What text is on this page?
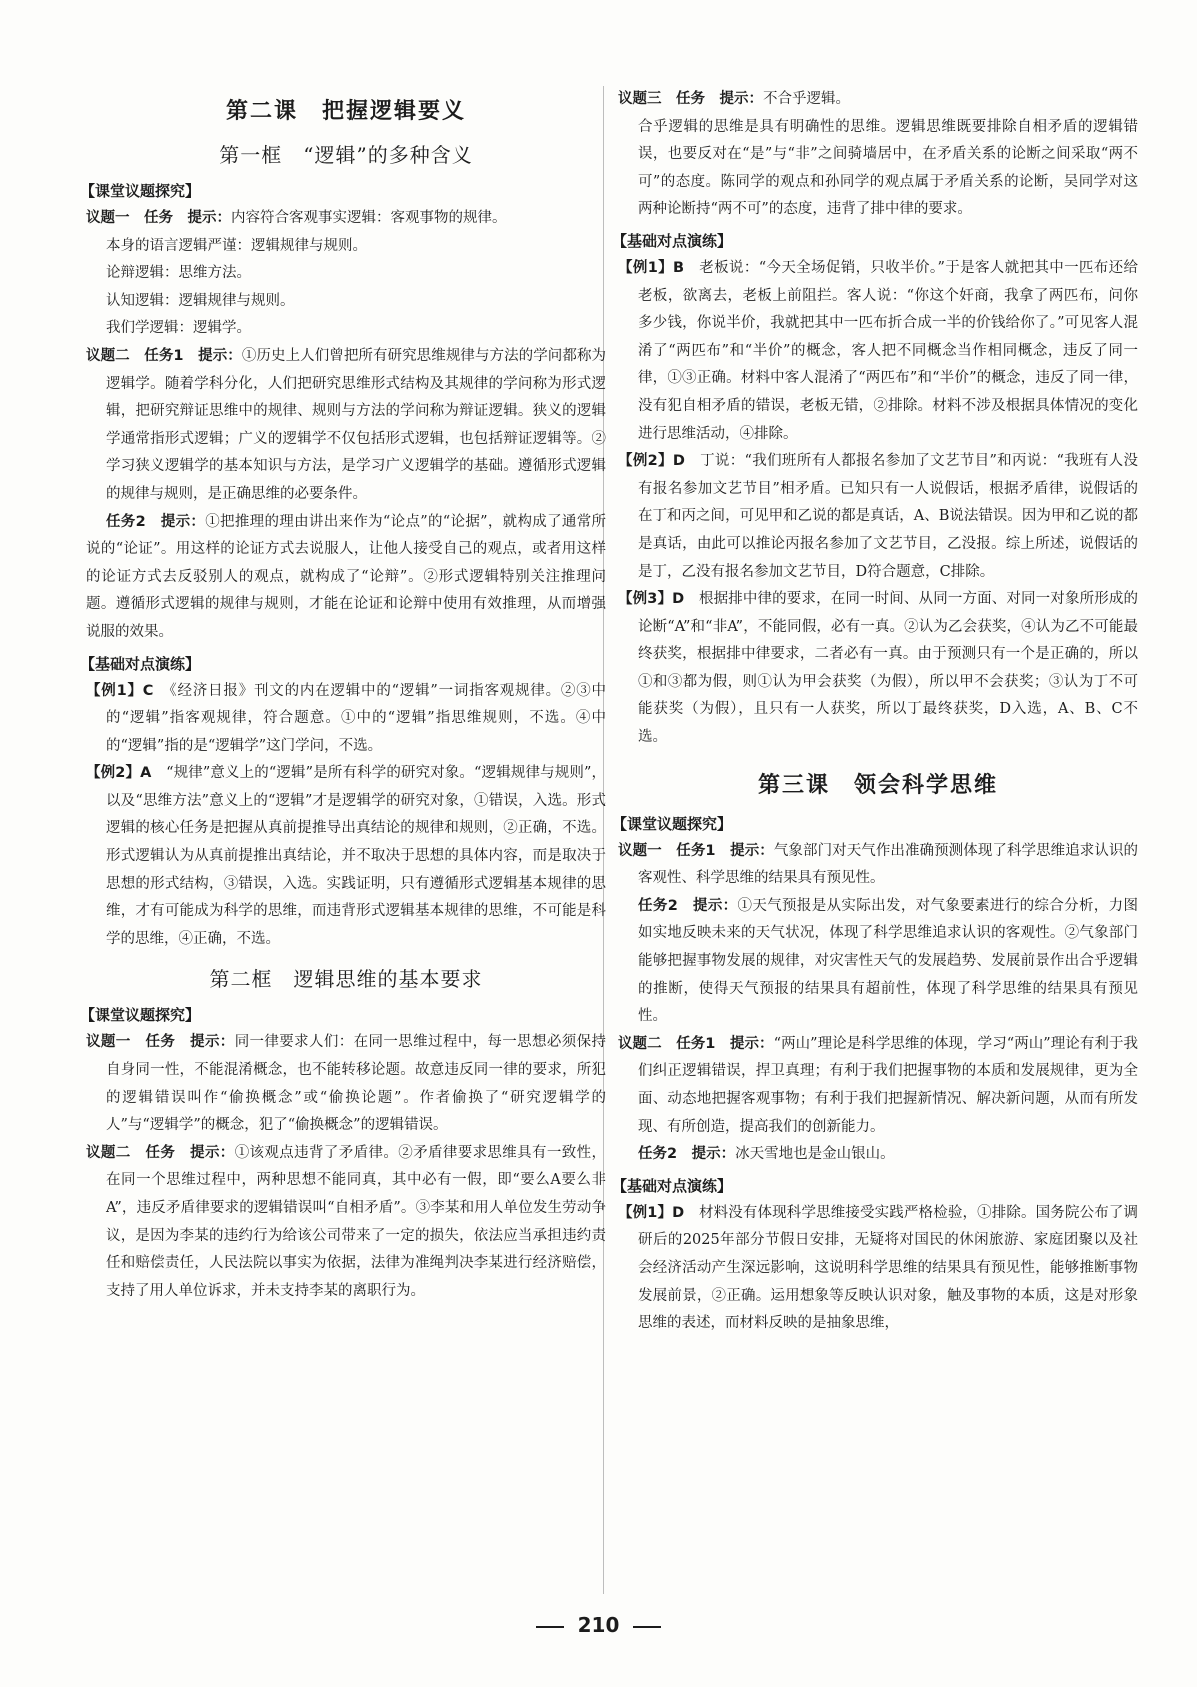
第二课　把握逻辑要义
第一框　“逻辑”的多种含义
【课堂议题探究】

议题一　任务　提示：内容符合客观事实逻辑：客观事物的规律。

本身的语言逻辑严谨：逻辑规律与规则。

论辩逻辑：思维方法。

认知逻辑：逻辑规律与规则。

我们学逻辑：逻辑学。

议题二　任务1　提示：①历史上人们曾把所有研究思维规律与方法的学问都称为逻辑学。随着学科分化，人们把研究思维形式结构及其规律的学问称为形式逻辑，把研究辩证思维中的规律、规则与方法的学问称为辩证逻辑。狭义的逻辑学通常指形式逻辑；广义的逻辑学不仅包括形式逻辑，也包括辩证逻辑等。②学习狭义逻辑学的基本知识与方法，是学习广义逻辑学的基础。遵循形式逻辑的规律与规则，是正确思维的必要条件。

任务2　提示：①把推理的理由讲出来作为“论点”的“论据”，就构成了通常所说的“论证”。用这样的论证方式去说服人，让他人接受自己的观点，或者用这样的论证方式去反驳别人的观点，就构成了“论辩”。②形式逻辑特别关注推理问题。遵循形式逻辑的规律与规则，才能在论证和论辩中使用有效推理，从而增强说服的效果。

【基础对点演练】

【例1】C　 《经济日报》刊文的内在逻辑中的“逻辑”一词指客观规律。②③中的“逻辑”指客观规律，符合题意。①中的“逻辑”指思维规则，不选。④中的“逻辑”指的是“逻辑学”这门学问，不选。

【例2】A　 “规律”意义上的“逻辑”是所有科学的研究对象。“逻辑规律与规则”，以及“思维方法”意义上的“逻辑”才是逻辑学的研究对象，①错误，入选。形式逻辑的核心任务是把握从真前提推导出真结论的规律和规则，②正确，不选。形式逻辑认为从真前提推出真结论，并不取决于思想的具体内容，而是取决于思想的形式结构，③错误，入选。实践证明，只有遵循形式逻辑基本规律的思维，才有可能成为科学的思维，而违背形式逻辑基本规律的思维，不可能是科学的思维，④正确，不选。

第二框　逻辑思维的基本要求
【课堂议题探究】

议题一　任务　提示：同一律要求人们：在同一思维过程中，每一思想必须保持自身同一性，不能混淆概念，也不能转移论题。故意违反同一律的要求，所犯的逻辑错误叫作“偷换概念”或“偷换论题”。作者偷换了“研究逻辑学的人”与“逻辑学”的概念，犯了“偷换概念”的逻辑错误。

议题二　任务　提示：①该观点违背了矛盾律。②矛盾律要求思维具有一致性，在同一个思维过程中，两种思想不能同真，其中必有一假，即“要么A要么非A”，违反矛盾律要求的逻辑错误叫“自相矛盾”。③李某和用人单位发生劳动争议，是因为李某的违约行为给该公司带来了一定的损失，依法应当承担违约责任和赔偿责任，人民法院以事实为依据，法律为准绳判决李某进行经济赔偿，支持了用人单位诉求，并未支持李某的离职行为。

议题三　任务　提示：不合乎逻辑。

合乎逻辑的思维是具有明确性的思维。逻辑思维既要排除自相矛盾的逻辑错误，也要反对在“是”与“非”之间骑墙居中，在矛盾关系的论断之间采取“两不可”的态度。陈同学的观点和孙同学的观点属于矛盾关系的论断，吴同学对这两种论断持“两不可”的态度，违背了排中律的要求。

【基础对点演练】

【例1】B　 老板说：“今天全场促销，只收半价。”于是客人就把其中一匹布还给老板，欲离去，老板上前阻拦。客人说：“你这个奸商，我拿了两匹布，问你多少钱，你说半价，我就把其中一匹布折合成一半的价钱给你了。”可见客人混淆了“两匹布”和“半价”的概念，客人把不同概念当作相同概念，违反了同一律，①③正确。材料中客人混淆了“两匹布”和“半价”的概念，违反了同一律，没有犯自相矛盾的错误，老板无错，②排除。材料不涉及根据具体情况的变化进行思维活动，④排除。

【例2】D　 丁说：“我们班所有人都报名参加了文艺节目”和丙说：“我班有人没有报名参加文艺节目”相矛盾。已知只有一人说假话，根据矛盾律，说假话的在丁和丙之间，可见甲和乙说的都是真话，A、B说法错误。因为甲和乙说的都是真话，由此可以推论丙报名参加了文艺节目，乙没报。综上所述，说假话的是丁，乙没有报名参加文艺节目，D符合题意，C排除。

【例3】D　 根据排中律的要求，在同一时间、从同一方面、对同一对象所形成的论断“A”和“非A”，不能同假，必有一真。②认为乙会获奖，④认为乙不可能最终获奖，根据排中律要求，二者必有一真。由于预测只有一个是正确的，所以①和③都为假，则①认为甲会获奖（为假），所以甲不会获奖；③认为丁不可能获奖（为假），且只有一人获奖，所以丁最终获奖，D入选，A、B、C不选。

第三课　领会科学思维
【课堂议题探究】

议题一　任务1　提示：气象部门对天气作出准确预测体现了科学思维追求认识的客观性、科学思维的结果具有预见性。

任务2　提示：①天气预报是从实际出发，对气象要素进行的综合分析，力图如实地反映未来的天气状况，体现了科学思维追求认识的客观性。②气象部门能够把握事物发展的规律，对灾害性天气的发展趋势、发展前景作出合乎逻辑的推断，使得天气预报的结果具有超前性，体现了科学思维的结果具有预见性。

议题二　任务1　提示：“两山”理论是科学思维的体现，学习“两山”理论有利于我们纠正逻辑错误，捍卫真理；有利于我们把握事物的本质和发展规律，更为全面、动态地把握客观事物；有利于我们把握新情况、解决新问题，从而有所发现、有所创造，提高我们的创新能力。

任务2　提示：冰天雪地也是金山银山。

【基础对点演练】

【例1】D　 材料没有体现科学思维接受实践严格检验，①排除。国务院公布了调研后的2025年部分节假日安排，无疑将对国民的休闲旅游、家庭团聚以及社会经济活动产生深远影响，这说明科学思维的结果具有预见性，能够推断事物发展前景，②正确。运用想象等反映认识对象，触及事物的本质，这是对形象思维的表述，而材料反映的是抽象思维，

210
